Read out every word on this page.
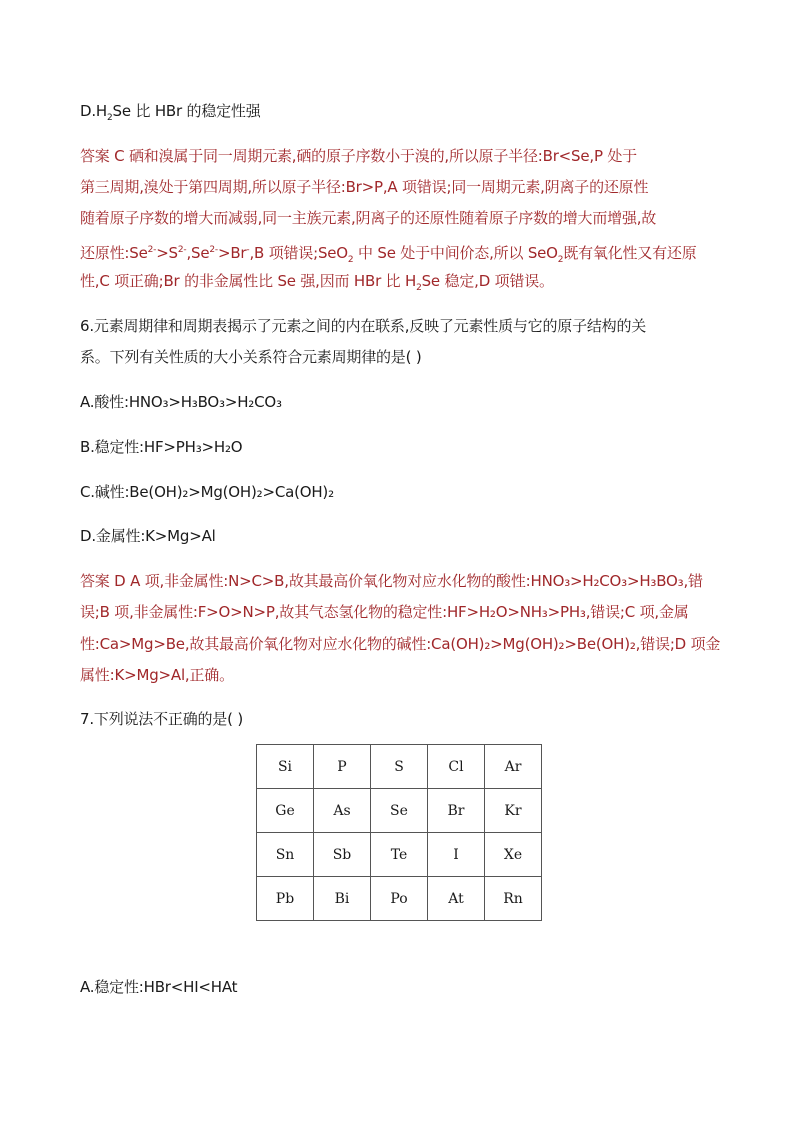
$D.H_2Se$ 比 HBr 的稳定性强
答案 C 硒和溴属于同一周期元素,硒的原子序数小于溴的,所以原子半径:Br<Se,P 处于
第三周期,溴处于第四周期,所以原子半径:Br>P,A 项错误;同一周期元素,阴离子的还原性
随着原子序数的增大而减弱,同一主族元素,阴离子的还原性随着原子序数的增大而增强,故
还原性$:Se^{2-}>S^{2-},Se^{2-}>Br^-,B$ 项错误;SeO$_2$ 中 Se 处于中间价态,所以 SeO$_2$既有氧化性又有还原
性,C 项正确;Br 的非金属性比 Se 强,因而 HBr 比 $H_2Se$ 稳定,D 项错误。
6.元素周期律和周期表揭示了元素之间的内在联系,反映了元素性质与它的原子结构的关
系。下列有关性质的大小关系符合元素周期律的是( )
A.酸性:HNO₃>H₃BO₃>H₂CO₃
B.稳定性:HF>PH₃>H₂O
C.碱性:Be(OH)₂>Mg(OH)₂>Ca(OH)₂
D.金属性:K>Mg>Al
答案 D A 项,非金属性:N>C>B,故其最高价氧化物对应水化物的酸性:HNO₃>H₂CO₃>H₃BO₃,错
误;B 项,非金属性:F>O>N>P,故其气态氢化物的稳定性:HF>H₂O>NH₃>PH₃,错误;C 项,金属
性:Ca>Mg>Be,故其最高价氧化物对应水化物的碱性:Ca(OH)₂>Mg(OH)₂>Be(OH)₂,错误;D 项金
属性:K>Mg>Al,正确。
7.下列说法不正确的是( )
Si	P	S	Cl	Ar
Ge	As	Se	Br	Kr
Sn	Sb	Te	I	Xe
Pb	Bi	Po	At	Rn
A.稳定性:HBr<HI<HAt
